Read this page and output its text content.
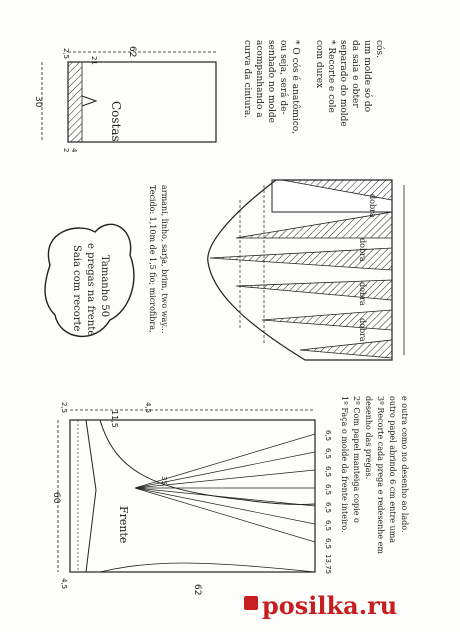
Costas
62
30
2,5
21
2 4
* O cós é anatômico,
ou seja, será de-
senhado no molde
acompanhando a
curva da cintura.	* Recorte e cole
com durex separado do molde da saia e obter um molde só do cós.
Saia com recorte e pregas na frente Tamanho 50	Tecido: 1,10m de 1,5 fio; microfibra, armani, linho, sarja, brim, two way...	dobra
dobra
dobra
dobra
Frente
60
62
11,5
2,5	4,5
4,5
35
6,5
6,5
6,5
6,5
6,5
6,5
6,5
13,75
1º Faça o molde da frente inteiro. 2º Com papel manteiga copie o desenho das pregas. 3º Recorte cada prega e redesenhe em outro papel abrindo 6 cm entre uma e outra como no desenho ao lado.
posilka.ru
